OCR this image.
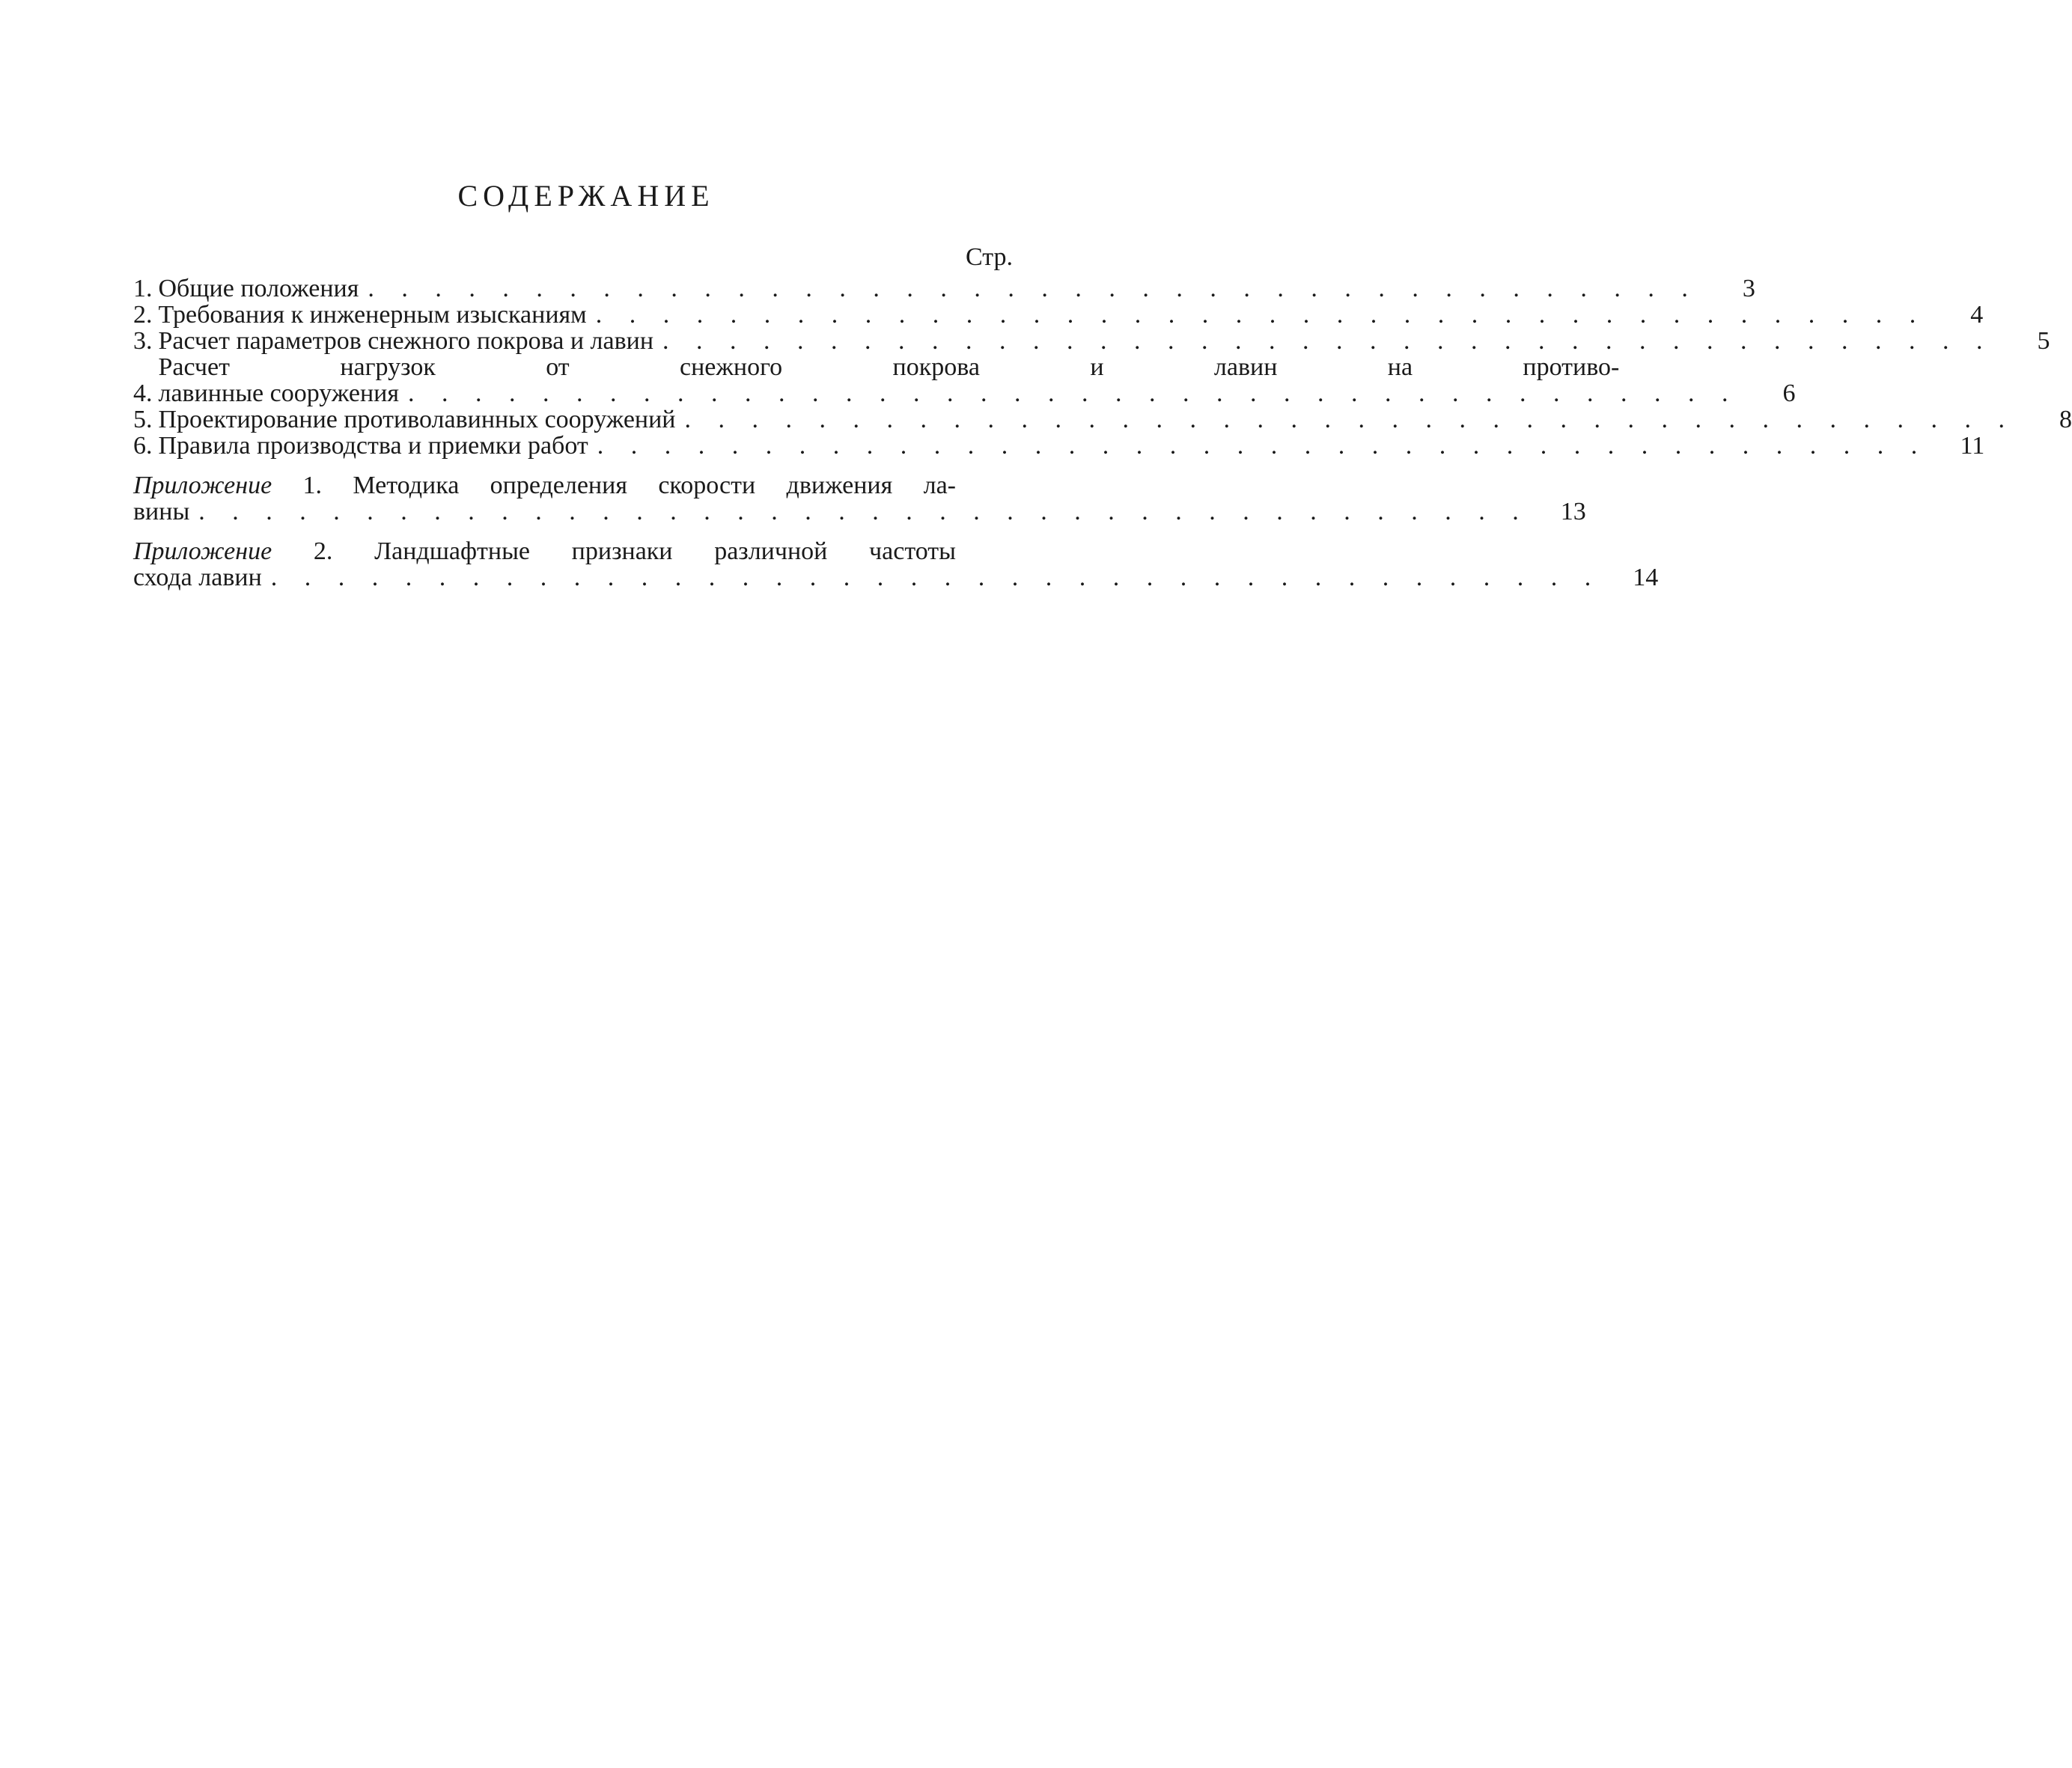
СОДЕРЖАНИЕ
Стр.
1. Общие положения . . . . . . . . . . . . . . . . . . . . . . . . . . . . . . . . . . . . . . . .	3
2. Требования к инженерным изысканиям . . . . . . . . . . . . . . . . . . . . . . . . . . . . . . . . . . . . . . . .	4
3. Расчет параметров снежного покрова и лавин . . . . . . . . . . . . . . . . . . . . . . . . . . . . . . . . . . . . . . . .	5
4.
Расчет нагрузок от снежного покрова и лавин на противо-
лавинные сооружения . . . . . . . . . . . . . . . . . . . . . . . . . . . . . . . . . . . . . . . .	6
5. Проектирование противолавинных сооружений . . . . . . . . . . . . . . . . . . . . . . . . . . . . . . . . . . . . . . . .	8
6. Правила производства и приемки работ . . . . . . . . . . . . . . . . . . . . . . . . . . . . . . . . . . . . . . . .	11
Приложение 1. Методика определения скорости движения ла-
вины . . . . . . . . . . . . . . . . . . . . . . . . . . . . . . . . . . . . . . . .	13
Приложение 2. Ландшафтные признаки различной частоты
схода лавин . . . . . . . . . . . . . . . . . . . . . . . . . . . . . . . . . . . . . . . .	14
